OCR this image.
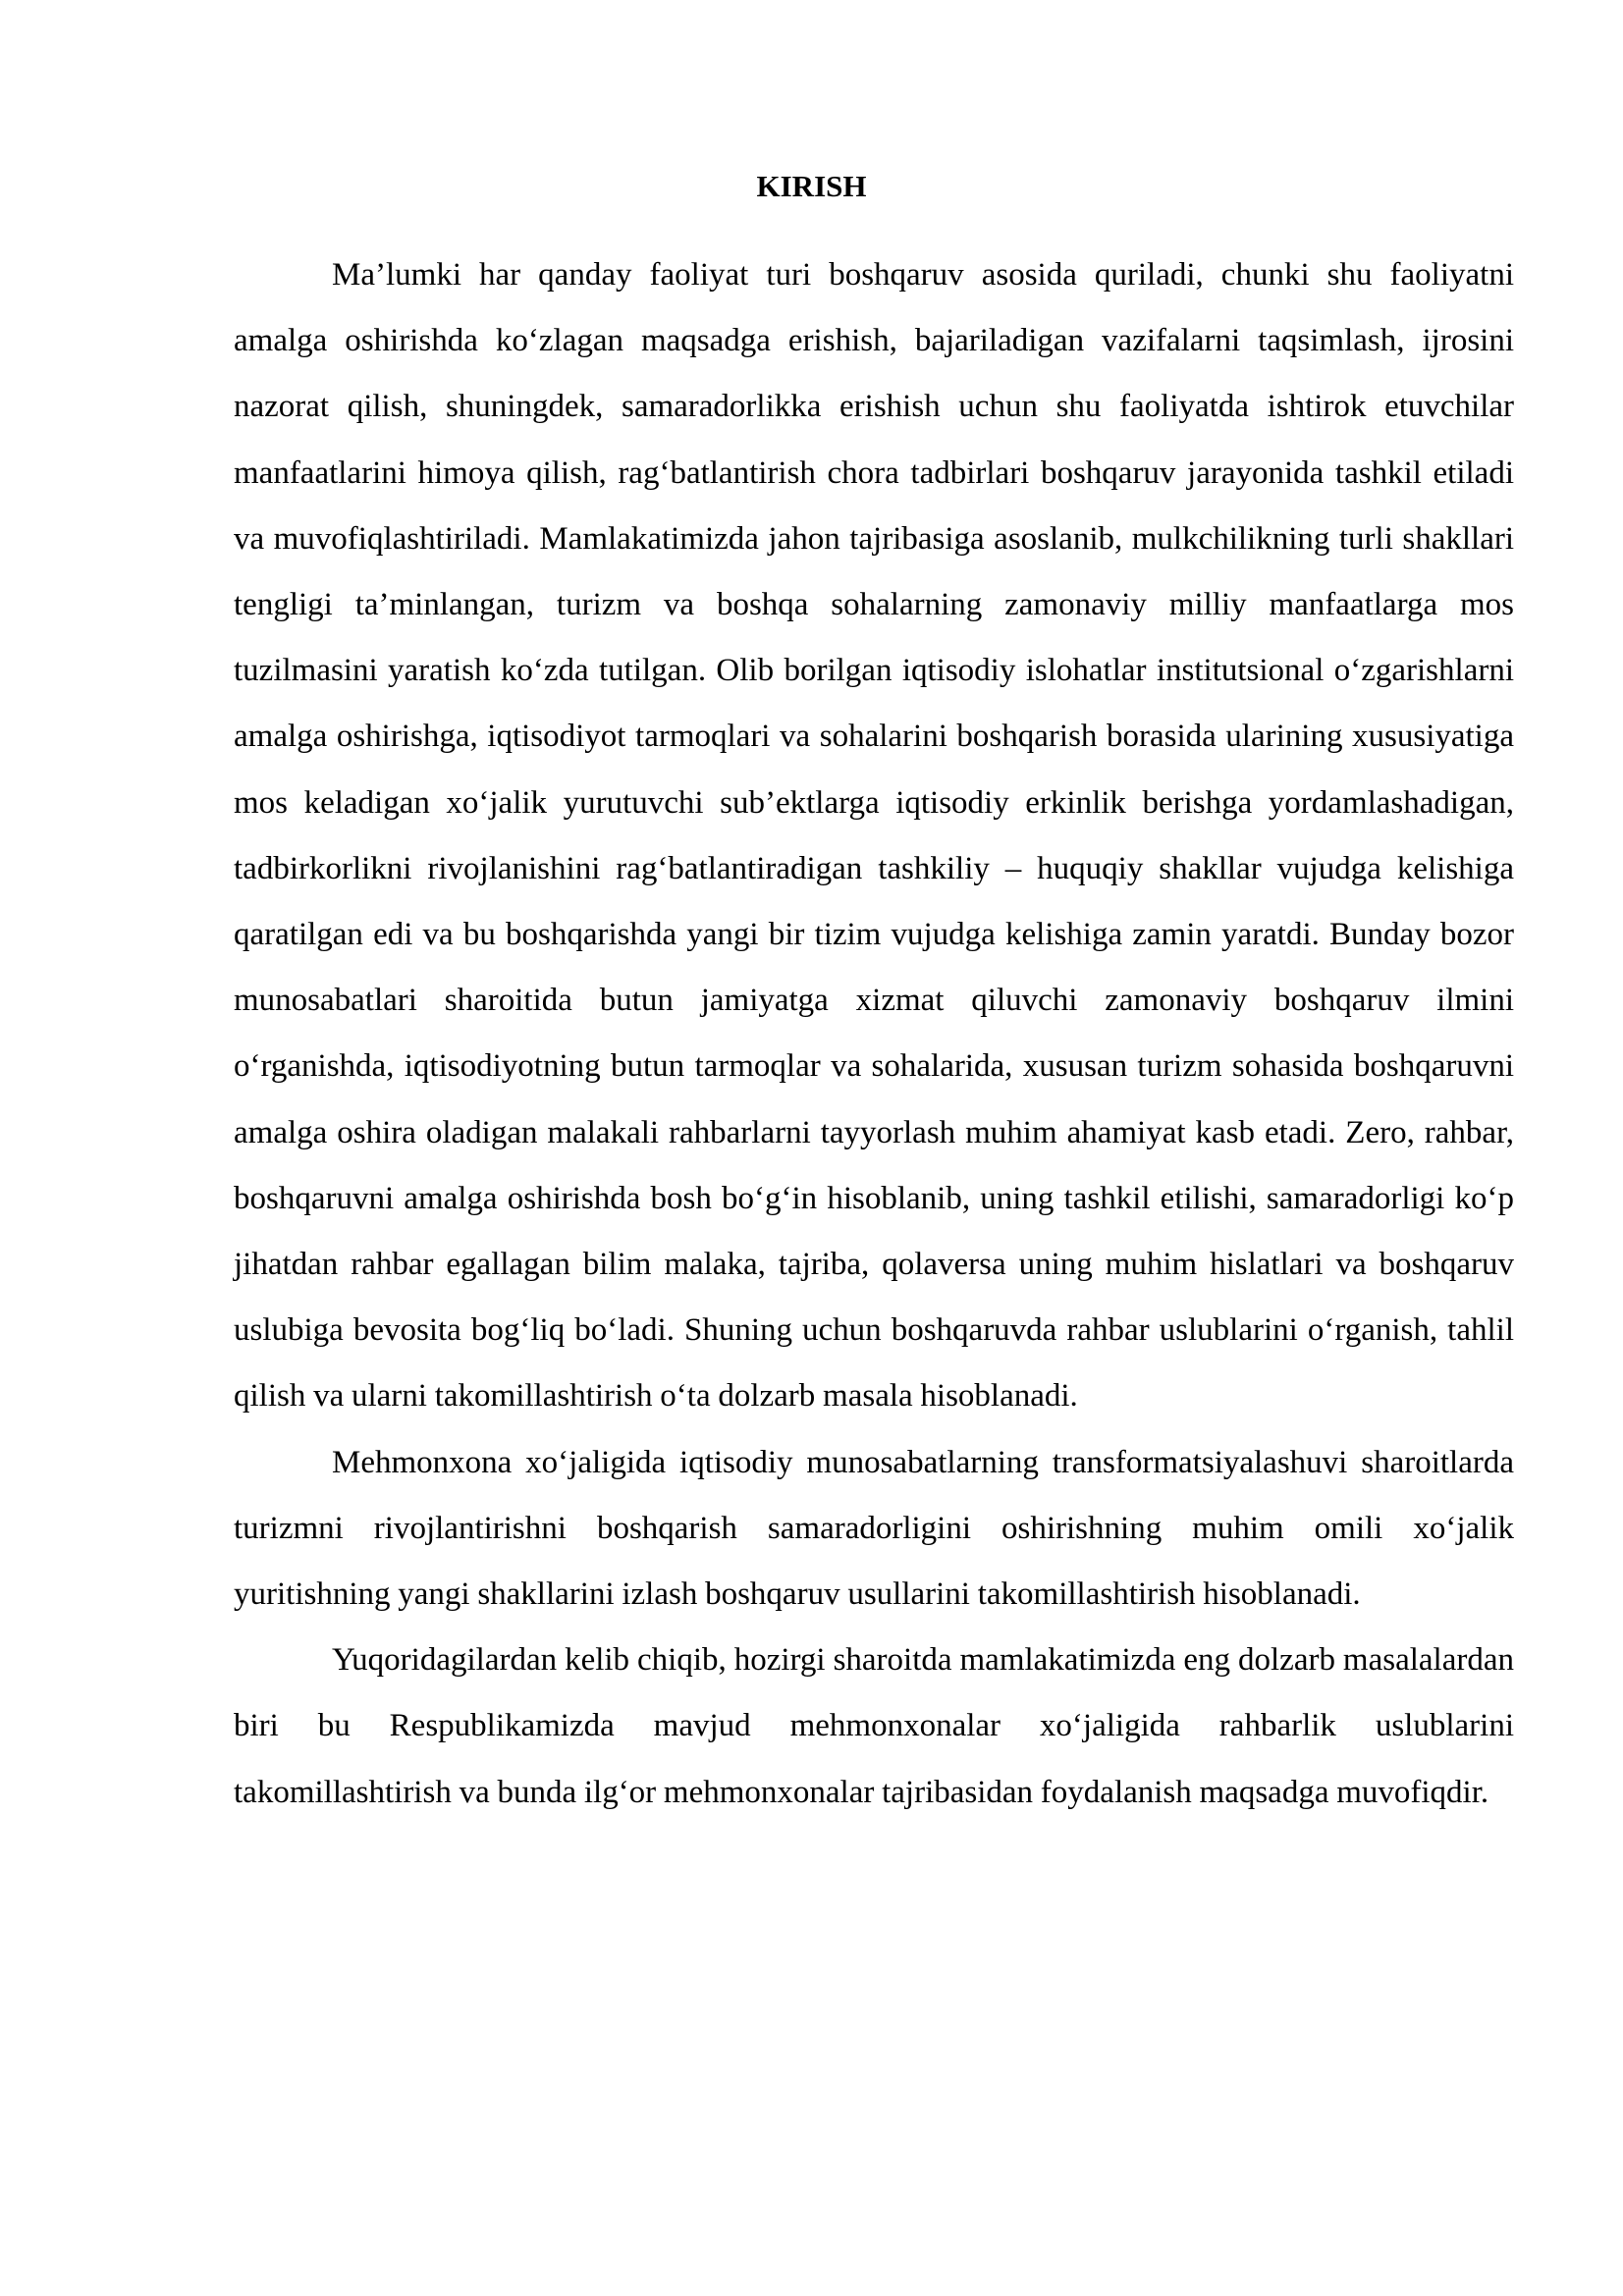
KIRISH

Ma’lumki har qanday faoliyat turi boshqaruv asosida quriladi, chunki shu faoliyatni amalga oshirishda ko‘zlagan maqsadga erishish, bajariladigan vazifalarni taqsimlash, ijrosini nazorat qilish, shuningdek, samaradorlikka erishish uchun shu faoliyatda ishtirok etuvchilar manfaatlarini himoya qilish, rag‘batlantirish chora tadbirlari boshqaruv jarayonida tashkil etiladi va muvofiqlashtiriladi. Mamlakatimizda jahon tajribasiga asoslanib, mulkchilikning turli shakllari tengligi ta’minlangan, turizm va boshqa sohalarning zamonaviy milliy manfaatlarga mos tuzilmasini yaratish ko‘zda tutilgan. Olib borilgan iqtisodiy islohatlar institutsional o‘zgarishlarni amalga oshirishga, iqtisodiyot tarmoqlari va sohalarini boshqarish borasida ularining xususiyatiga mos keladigan xo‘jalik yurutuvchi sub’ektlarga iqtisodiy erkinlik berishga yordamlashadigan, tadbirkorlikni rivojlanishini rag‘batlantiradigan tashkiliy – huquqiy shakllar vujudga kelishiga qaratilgan edi va bu boshqarishda yangi bir tizim vujudga kelishiga zamin yaratdi. Bunday bozor munosabatlari sharoitida butun jamiyatga xizmat qiluvchi zamonaviy boshqaruv ilmini o‘rganishda, iqtisodiyotning butun tarmoqlar va sohalarida, xususan turizm sohasida boshqaruvni amalga oshira oladigan malakali rahbarlarni tayyorlash muhim ahamiyat kasb etadi. Zero, rahbar, boshqaruvni amalga oshirishda bosh bo‘g‘in hisoblanib, uning tashkil etilishi, samaradorligi ko‘p jihatdan rahbar egallagan bilim malaka, tajriba, qolaversa uning muhim hislatlari va boshqaruv uslubiga bevosita bog‘liq bo‘ladi. Shuning uchun boshqaruvda rahbar uslublarini o‘rganish, tahlil qilish va ularni takomillashtirish o‘ta dolzarb masala hisoblanadi.

Mehmonxona xo‘jaligida iqtisodiy munosabatlarning transformatsiyalashuvi sharoitlarda turizmni rivojlantirishni boshqarish samaradorligini oshirishning muhim omili xo‘jalik yuritishning yangi shakllarini izlash boshqaruv usullarini takomillashtirish hisoblanadi.

Yuqoridagilardan kelib chiqib, hozirgi sharoitda mamlakatimizda eng dolzarb masalalardan biri bu Respublikamizda mavjud mehmonxonalar xo‘jaligida rahbarlik uslublarini takomillashtirish va bunda ilg‘or mehmonxonalar tajribasidan foydalanish maqsadga muvofiqdir.
